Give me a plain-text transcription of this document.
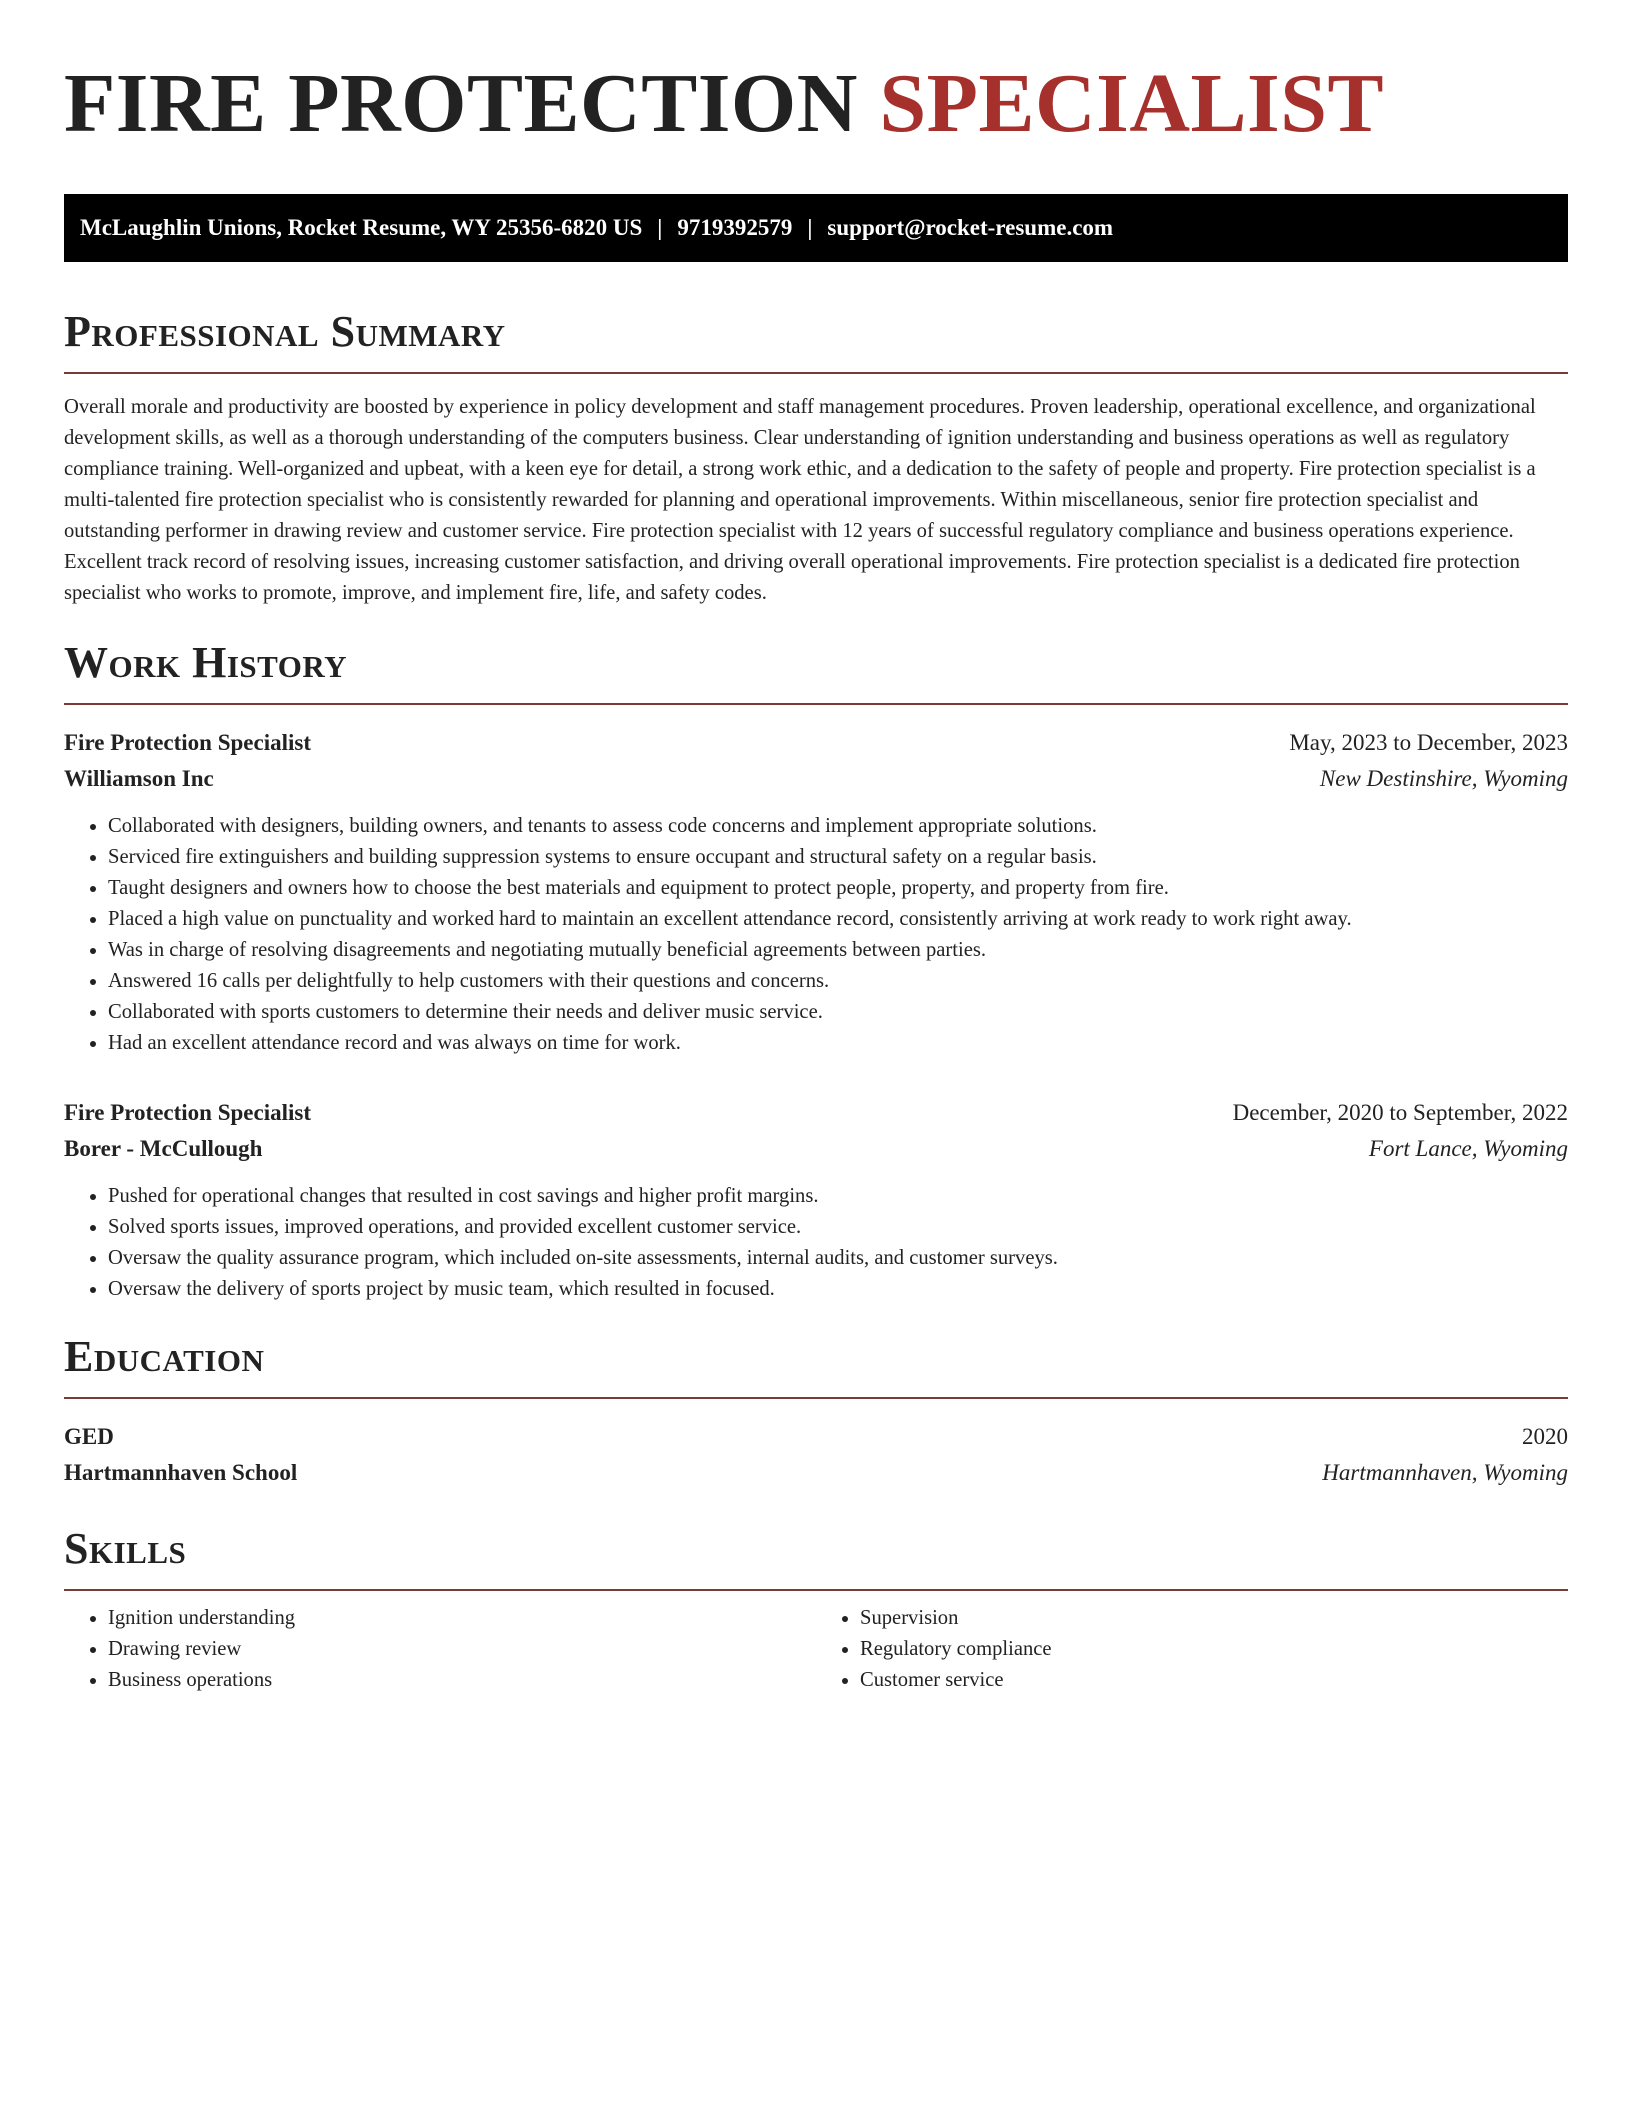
FIRE PROTECTION SPECIALIST
McLaughlin Unions, Rocket Resume, WY 25356-6820 US | 9719392579 | support@rocket-resume.com
Professional Summary

Overall morale and productivity are boosted by experience in policy development and staff management procedures. Proven leadership, operational excellence, and organizational development skills, as well as a thorough understanding of the computers business. Clear understanding of ignition understanding and business operations as well as regulatory compliance training. Well-organized and upbeat, with a keen eye for detail, a strong work ethic, and a dedication to the safety of people and property. Fire protection specialist is a multi-talented fire protection specialist who is consistently rewarded for planning and operational improvements. Within miscellaneous, senior fire protection specialist and outstanding performer in drawing review and customer service. Fire protection specialist with 12 years of successful regulatory compliance and business operations experience. Excellent track record of resolving issues, increasing customer satisfaction, and driving overall operational improvements. Fire protection specialist is a dedicated fire protection specialist who works to promote, improve, and implement fire, life, and safety codes.

Work History
Fire Protection Specialist	May, 2023 to December, 2023
Williamson Inc	New Destinshire, Wyoming
• Collaborated with designers, building owners, and tenants to assess code concerns and implement appropriate solutions.
• Serviced fire extinguishers and building suppression systems to ensure occupant and structural safety on a regular basis.
• Taught designers and owners how to choose the best materials and equipment to protect people, property, and property from fire.
• Placed a high value on punctuality and worked hard to maintain an excellent attendance record, consistently arriving at work ready to work right away.
• Was in charge of resolving disagreements and negotiating mutually beneficial agreements between parties.
• Answered 16 calls per delightfully to help customers with their questions and concerns.
• Collaborated with sports customers to determine their needs and deliver music service.
• Had an excellent attendance record and was always on time for work.
Fire Protection Specialist	December, 2020 to September, 2022
Borer - McCullough	Fort Lance, Wyoming
• Pushed for operational changes that resulted in cost savings and higher profit margins.
• Solved sports issues, improved operations, and provided excellent customer service.
• Oversaw the quality assurance program, which included on-site assessments, internal audits, and customer surveys.
• Oversaw the delivery of sports project by music team, which resulted in focused.
Education
GED	2020
Hartmannhaven School	Hartmannhaven, Wyoming
Skills
• Ignition understanding
• Drawing review
• Business operations
• Supervision
• Regulatory compliance
• Customer service
